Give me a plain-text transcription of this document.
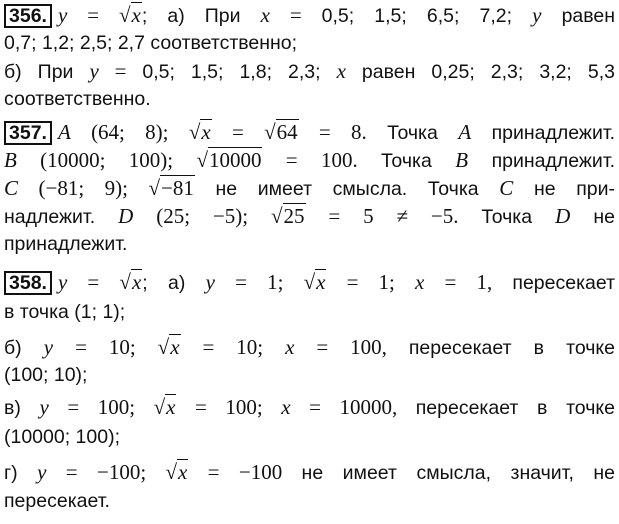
356. y = √x; а) При x = 0,5; 1,5; 6,5; 7,2; y равен
0,7; 1,2; 2,5; 2,7 соответственно;
б) При y = 0,5; 1,5; 1,8; 2,3; x равен 0,25; 2,3; 3,2; 5,3
соответственно.
357. A (64; 8); √x = √64 = 8. Точка A принадлежит.
B (10000; 100); √10000 = 100. Точка B принадлежит.
C (−81; 9); √−81 не имеет смысла. Точка C не при-
надлежит. D (25; −5); √25 = 5 ≠ −5. Точка D не
принадлежит.
358. y = √x; а) y = 1; √x = 1; x = 1, пересекает
в точка (1; 1);
б) y = 10; √x = 10; x = 100, пересекает в точке
(100; 10);
в) y = 100; √x = 100; x = 10000, пересекает в точке
(10000; 100);
г) y = −100; √x = −100 не имеет смысла, значит, не
пересекает.
